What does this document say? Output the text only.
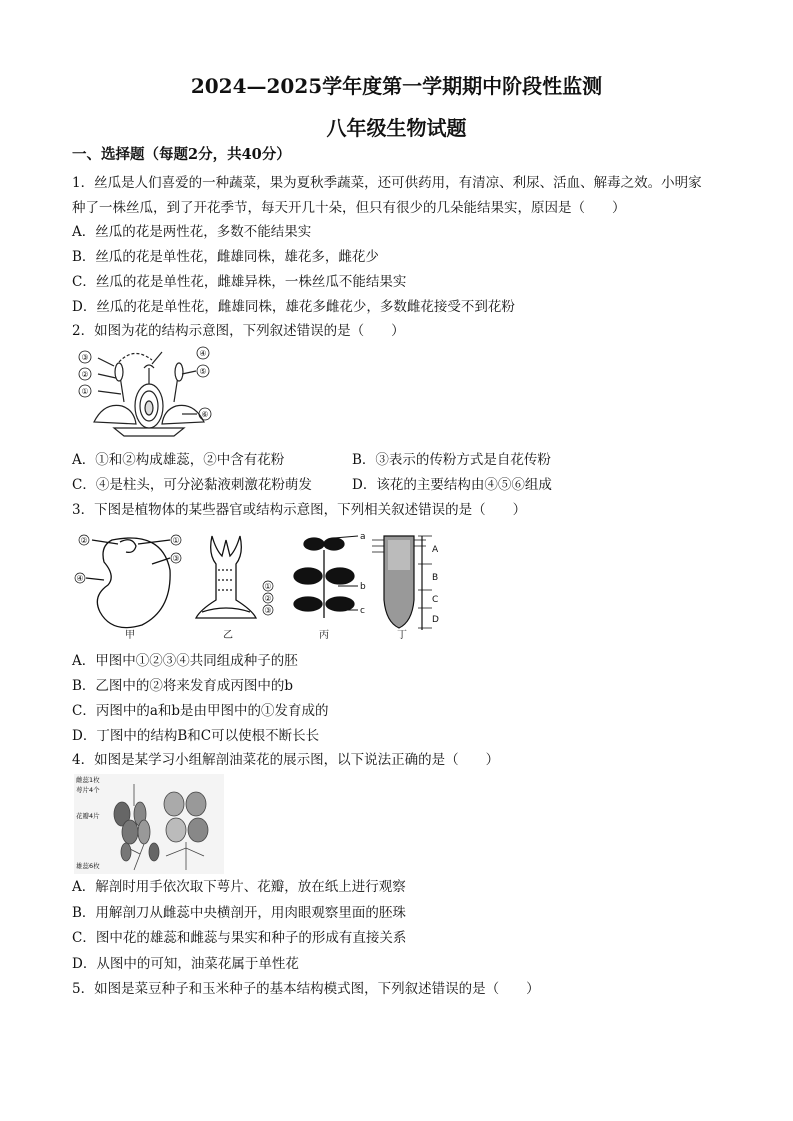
2024—2025学年度第一学期期中阶段性监测
八年级生物试题
一、选择题（每题2分，共40分）
1．丝瓜是人们喜爱的一种蔬菜，果为夏秋季蔬菜，还可供药用，有清凉、利尿、活血、解毒之效。小明家
种了一株丝瓜，到了开花季节，每天开几十朵，但只有很少的几朵能结果实，原因是（　　）
A．丝瓜的花是两性花，多数不能结果实
B．丝瓜的花是单性花，雌雄同株，雄花多，雌花少
C．丝瓜的花是单性花，雌雄异株，一株丝瓜不能结果实
D．丝瓜的花是单性花，雌雄同株，雄花多雌花少，多数雌花接受不到花粉
2．如图为花的结构示意图，下列叙述错误的是（　　）
③
②
①
④
⑤
⑥
A．①和②构成雄蕊，②中含有花粉	B．③表示的传粉方式是自花传粉
C．④是柱头，可分泌黏液刺激花粉萌发	D．该花的主要结构由④⑤⑥组成
3．下图是植物体的某些器官或结构示意图，下列相关叙述错误的是（　　）
②	①
③
④
甲
①
②
③
乙
a
b
c
丙
A
B
C
D
丁
A．甲图中①②③④共同组成种子的胚
B．乙图中的②将来发育成丙图中的b
C．丙图中的a和b是由甲图中的①发育成的
D．丁图中的结构B和C可以使根不断长长
4．如图是某学习小组解剖油菜花的展示图，以下说法正确的是（　　）
雌蕊1枚
萼片4个
花瓣4片
雄蕊6枚
A．解剖时用手依次取下萼片、花瓣，放在纸上进行观察
B．用解剖刀从雌蕊中央横剖开，用肉眼观察里面的胚珠
C．图中花的雄蕊和雌蕊与果实和种子的形成有直接关系
D．从图中的可知，油菜花属于单性花
5．如图是菜豆种子和玉米种子的基本结构模式图，下列叙述错误的是（　　）
